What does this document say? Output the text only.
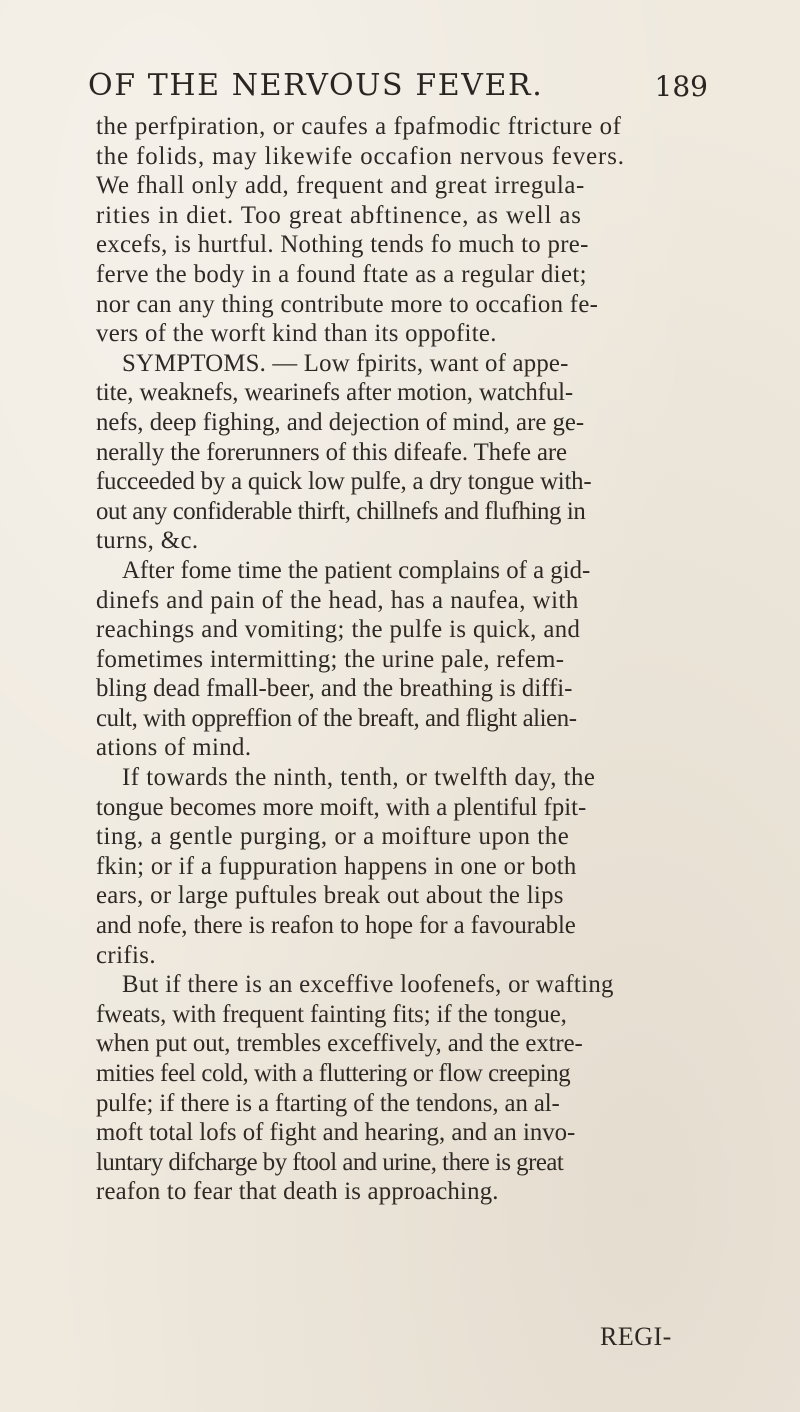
OF THE NERVOUS FEVER.	189
the perfpiration, or caufes a fpafmodic ftricture of
the folids, may likewife occafion nervous fevers.
We fhall only add, frequent and great irregula-
rities in diet. Too great abftinence, as well as
excefs, is hurtful. Nothing tends fo much to pre-
ferve the body in a found ftate as a regular diet;
nor can any thing contribute more to occafion fe-
vers of the worft kind than its oppofite.
SYMPTOMS. — Low fpirits, want of appe-
tite, weaknefs, wearinefs after motion, watchful-
nefs, deep fighing, and dejection of mind, are ge-
nerally the forerunners of this difeafe. Thefe are
fucceeded by a quick low pulfe, a dry tongue with-
out any confiderable thirft, chillnefs and flufhing in
turns, &c.
After fome time the patient complains of a gid-
dinefs and pain of the head, has a naufea, with
reachings and vomiting; the pulfe is quick, and
fometimes intermitting; the urine pale, refem-
bling dead fmall-beer, and the breathing is diffi-
cult, with oppreffion of the breaft, and flight alien-
ations of mind.
If towards the ninth, tenth, or twelfth day, the
tongue becomes more moift, with a plentiful fpit-
ting, a gentle purging, or a moifture upon the
fkin; or if a fuppuration happens in one or both
ears, or large puftules break out about the lips
and nofe, there is reafon to hope for a favourable
crifis.
But if there is an exceffive loofenefs, or wafting
fweats, with frequent fainting fits; if the tongue,
when put out, trembles exceffively, and the extre-
mities feel cold, with a fluttering or flow creeping
pulfe; if there is a ftarting of the tendons, an al-
moft total lofs of fight and hearing, and an invo-
luntary difcharge by ftool and urine, there is great
reafon to fear that death is approaching.
REGI-
